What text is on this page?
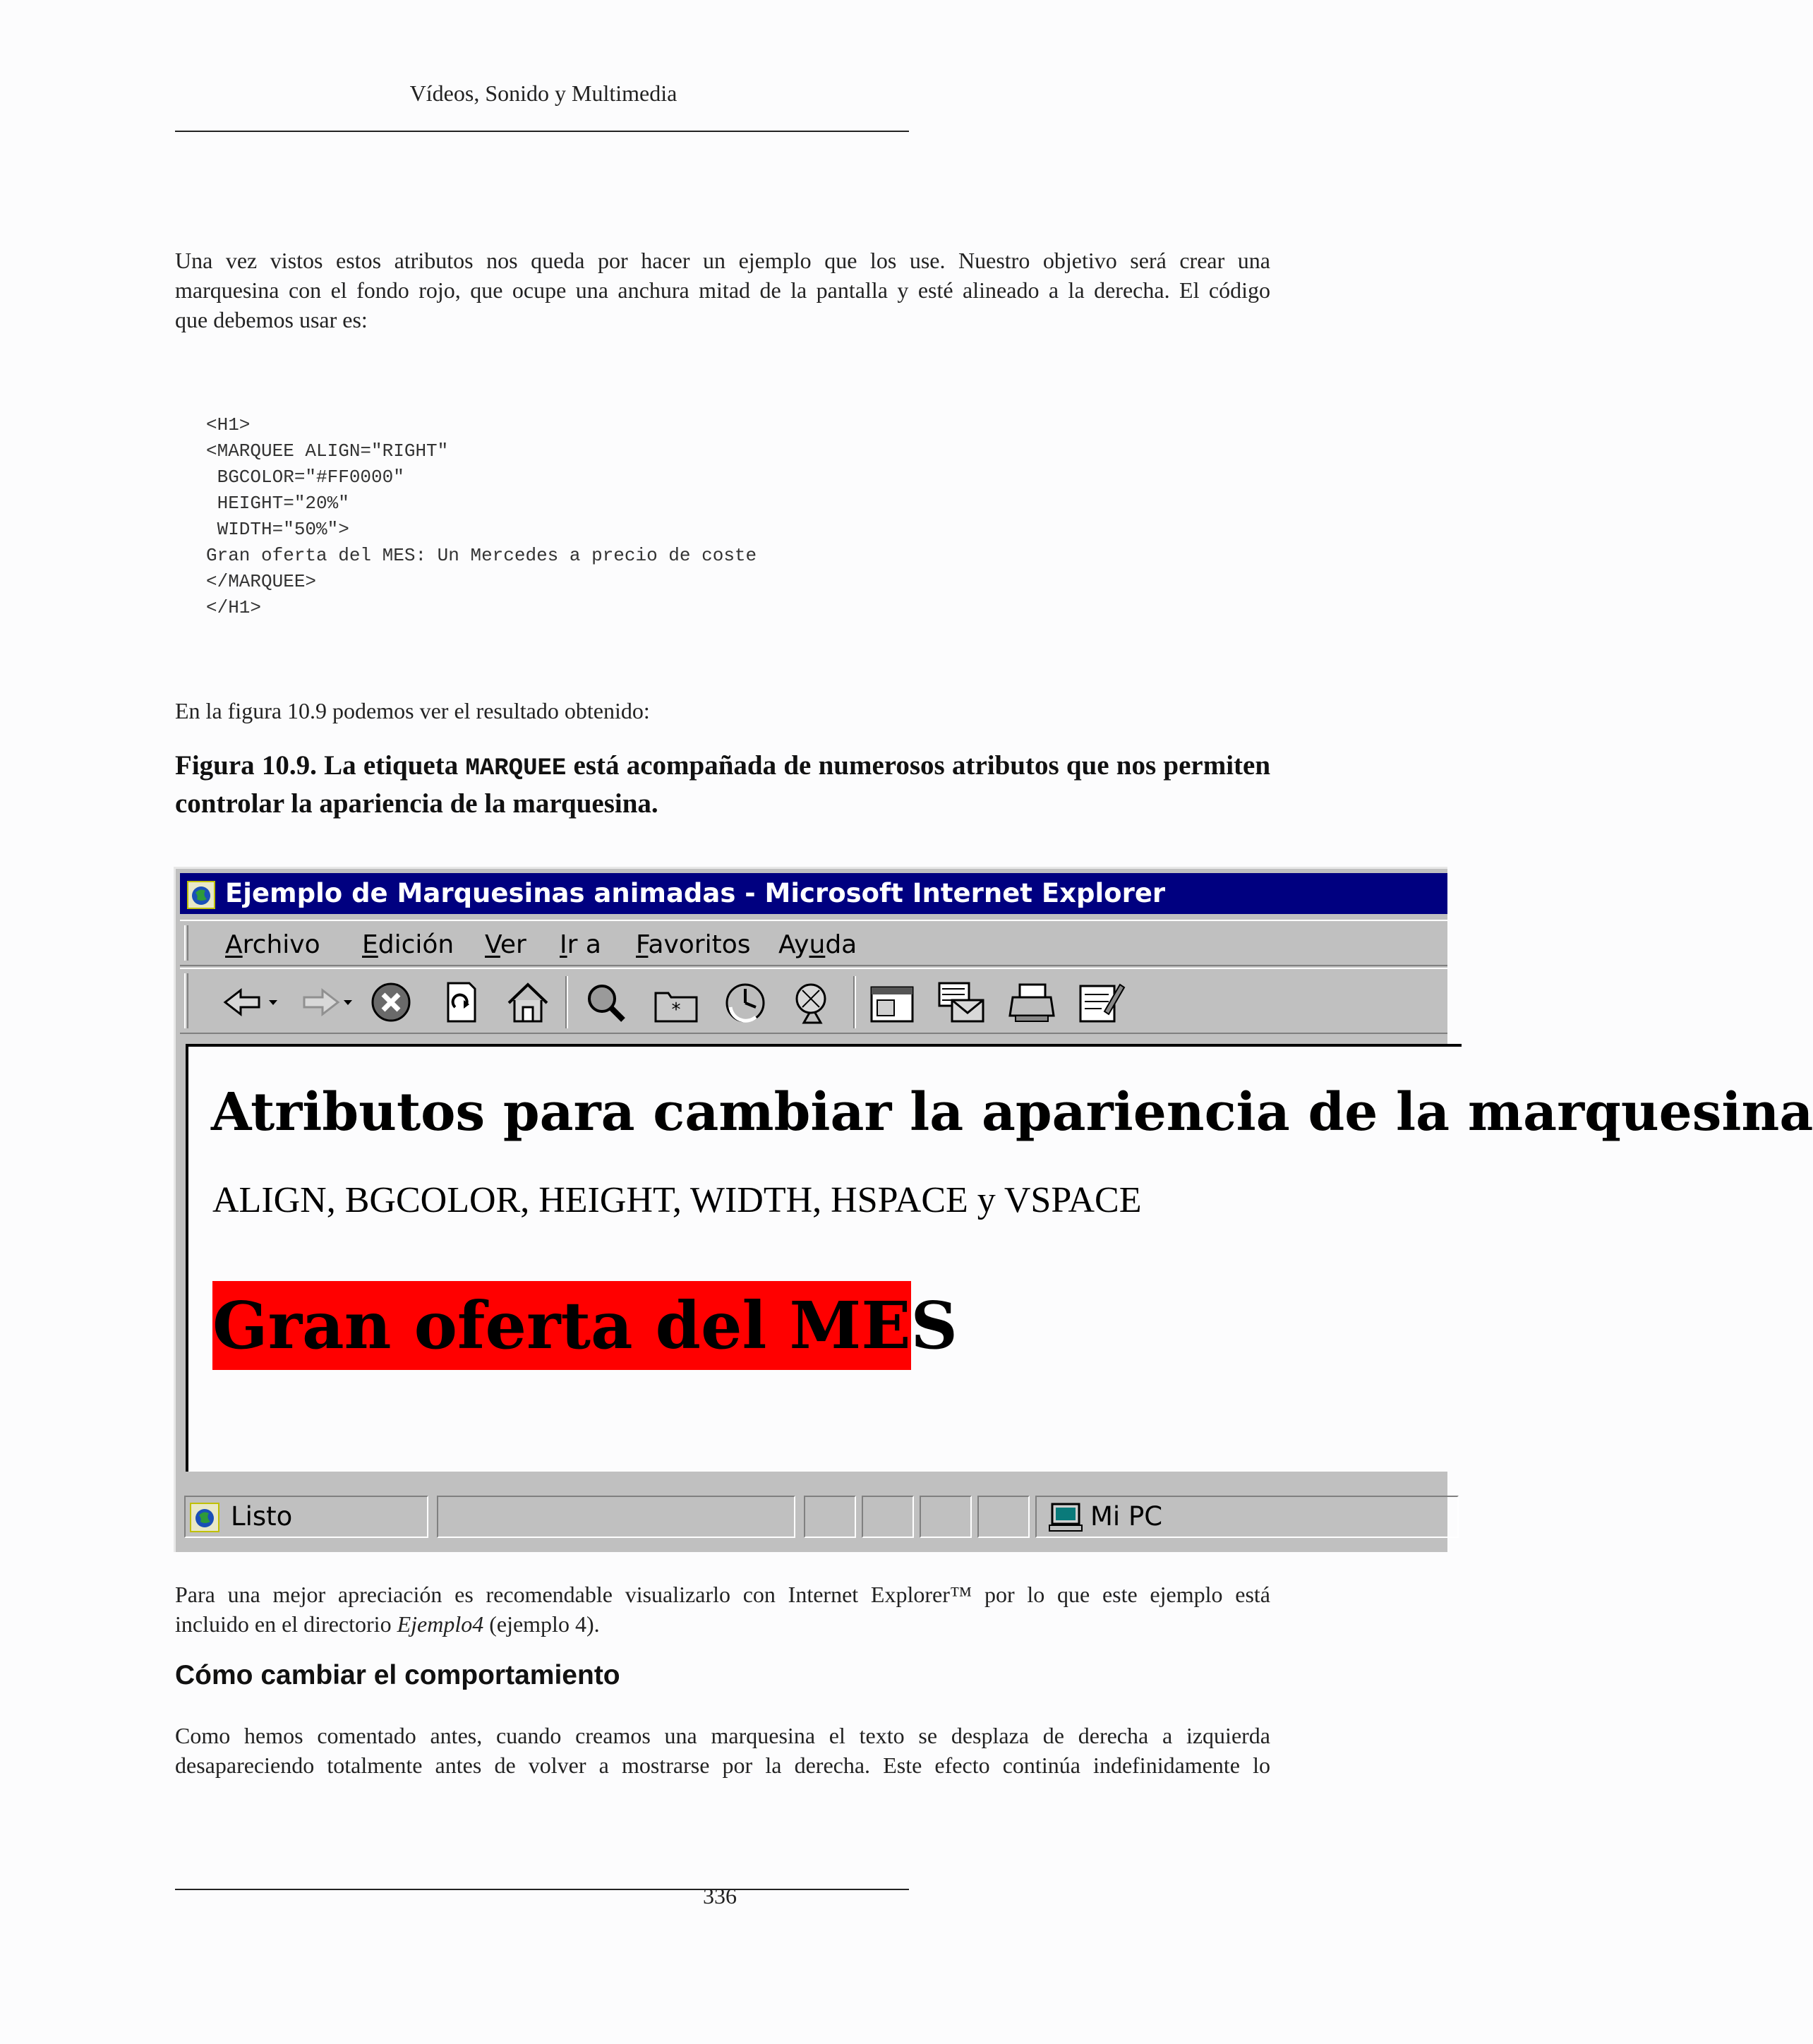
Vídeos, Sonido y Multimedia
Una vez vistos estos atributos nos queda por hacer un ejemplo que los use. Nuestro objetivo será crear una
marquesina con el fondo rojo, que ocupe una anchura mitad de la pantalla y esté alineado a la derecha. El código
que debemos usar es:
<H1>
<MARQUEE ALIGN="RIGHT"
BGCOLOR="#FF0000"
HEIGHT="20%"
WIDTH="50%">
Gran oferta del MES: Un Mercedes a precio de coste
</MARQUEE>
</H1>
En la figura 10.9 podemos ver el resultado obtenido:
Figura 10.9. La etiqueta MARQUEE está acompañada de numerosos atributos que nos permiten controlar la apariencia de la marquesina.
Ejemplo de Marquesinas animadas - Microsoft Internet Explorer
Archivo Edición Ver Ir a Favoritos Ayuda
*
Atributos para cambiar la apariencia de la marquesina
ALIGN, BGCOLOR, HEIGHT, WIDTH, HSPACE y VSPACE
Gran oferta del MES
Listo	Mi PC
Para una mejor apreciación es recomendable visualizarlo con Internet Explorer™ por lo que este ejemplo está
incluido en el directorio Ejemplo4 (ejemplo 4).
Cómo cambiar el comportamiento
Como hemos comentado antes, cuando creamos una marquesina el texto se desplaza de derecha a izquierda
desapareciendo totalmente antes de volver a mostrarse por la derecha. Este efecto continúa indefinidamente lo
336
